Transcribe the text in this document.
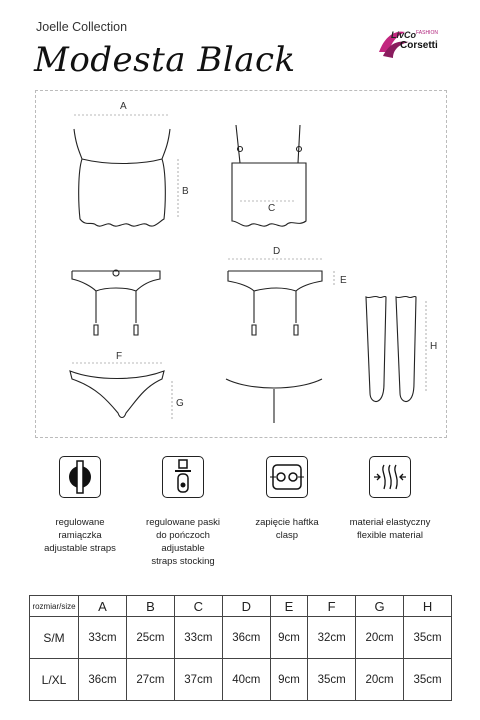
Joelle Collection
Modesta Black
LivCo FASHION
Corsetti
A
B
C
D
E
F
G
H
regulowane
ramiączka
adjustable straps
regulowane paski
do pończoch
adjustable
straps stocking
zapięcie haftka
clasp
materiał elastyczny
flexible material
rozmiar/size	A	B	C	D	E	F	G	H
S/M	33cm	25cm	33cm	36cm	9cm	32cm	20cm	35cm
L/XL	36cm	27cm	37cm	40cm	9cm	35cm	20cm	35cm
